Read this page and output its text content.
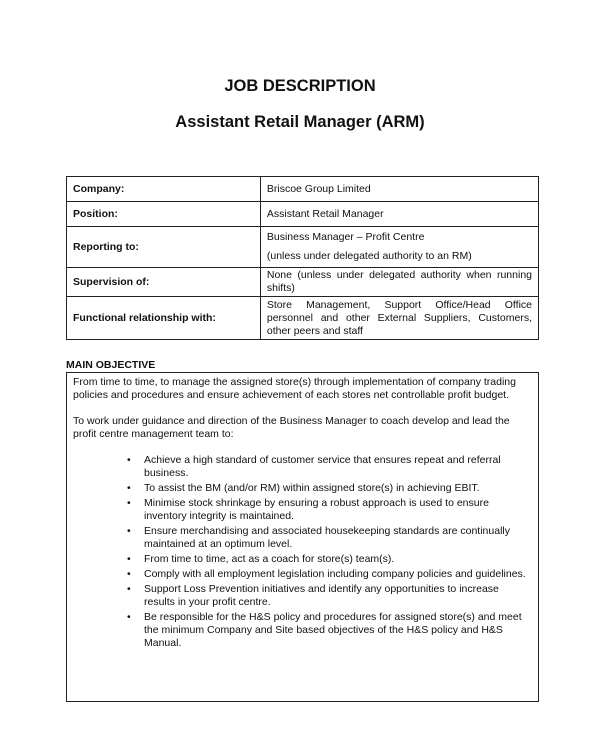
JOB DESCRIPTION
Assistant Retail Manager (ARM)
Company:	Briscoe Group Limited

Position:	Assistant Retail Manager

Reporting to:	Business Manager – Profit Centre
(unless under delegated authority to an RM)

Supervision of:	None (unless under delegated authority when running shifts)

Functional relationship with:	Store Management, Support Office/Head Office personnel and other External Suppliers, Customers, other peers and staff
MAIN OBJECTIVE

From time to time, to manage the assigned store(s) through implementation of company trading policies and procedures and ensure achievement of each stores net controllable profit budget.

To work under guidance and direction of the Business Manager to coach develop and lead the profit centre management team to:

• Achieve a high standard of customer service that ensures repeat and referral business.
• To assist the BM (and/or RM) within assigned store(s) in achieving EBIT.
• Minimise stock shrinkage by ensuring a robust approach is used to ensure inventory integrity is maintained.
• Ensure merchandising and associated housekeeping standards are continually maintained at an optimum level.
• From time to time, act as a coach for store(s) team(s).
• Comply with all employment legislation including company policies and guidelines.
• Support Loss Prevention initiatives and identify any opportunities to increase results in your profit centre.
• Be responsible for the H&S policy and procedures for assigned store(s) and meet the minimum Company and Site based objectives of the H&S policy and H&S Manual.
